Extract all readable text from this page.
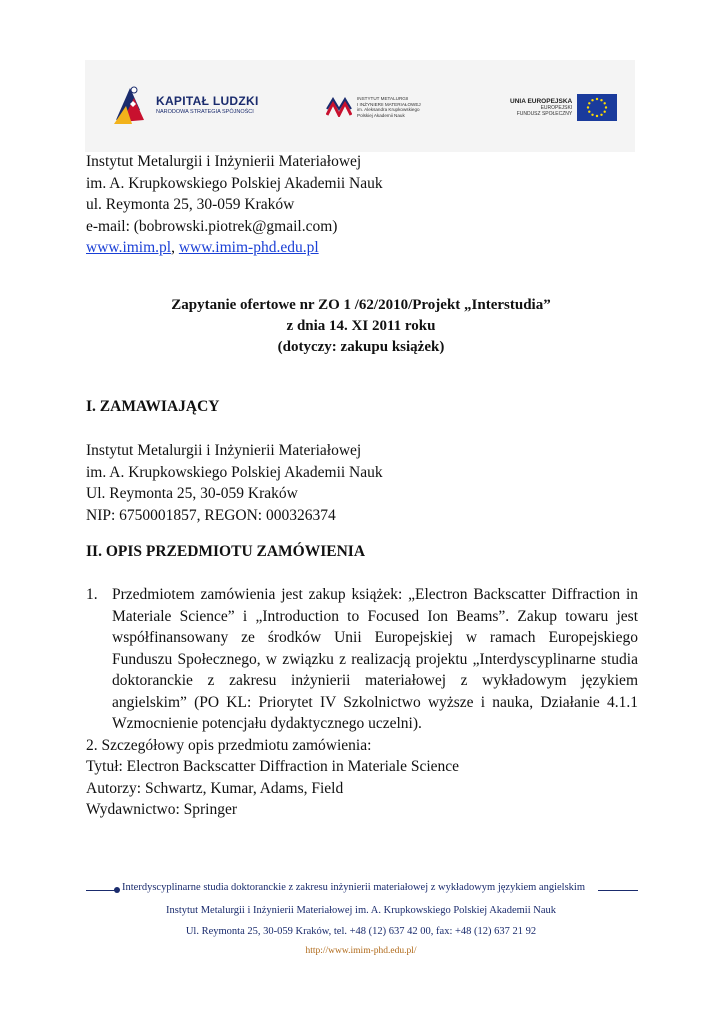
KAPITAŁ LUDZKI
NARODOWA STRATEGIA SPÓJNOŚCI
INSTYTUT METALURGII
I INŻYNIERII MATERIAŁOWEJ
im. Aleksandra Krupkowskiego
Polskiej Akademii Nauk
UNIA EUROPEJSKA
EUROPEJSKI
FUNDUSZ SPOŁECZNY
Instytut Metalurgii i Inżynierii Materiałowej
im. A. Krupkowskiego Polskiej Akademii Nauk
ul. Reymonta 25, 30-059 Kraków
e-mail: (bobrowski.piotrek@gmail.com)
www.imim.pl, www.imim-phd.edu.pl
Zapytanie ofertowe nr ZO 1 /62/2010/Projekt „Interstudia”
z dnia 14. XI 2011 roku
(dotyczy: zakupu książek)
I. ZAMAWIAJĄCY
Instytut Metalurgii i Inżynierii Materiałowej
im. A. Krupkowskiego Polskiej Akademii Nauk
Ul. Reymonta 25, 30-059 Kraków
NIP: 6750001857, REGON: 000326374
II. OPIS PRZEDMIOTU ZAMÓWIENIA
1. Przedmiotem zamówienia jest zakup książek: „Electron Backscatter Diffraction in Materiale Science” i „Introduction to Focused Ion Beams”. Zakup towaru jest współfinansowany ze środków Unii Europejskiej w ramach Europejskiego Funduszu Społecznego, w związku z realizacją projektu „Interdyscyplinarne studia doktoranckie z zakresu inżynierii materiałowej z wykładowym językiem angielskim” (PO KL: Priorytet IV Szkolnictwo wyższe i nauka, Działanie 4.1.1 Wzmocnienie potencjału dydaktycznego uczelni).
2. Szczegółowy opis przedmiotu zamówienia:
Tytuł: Electron Backscatter Diffraction in Materiale Science
Autorzy: Schwartz, Kumar, Adams, Field
Wydawnictwo: Springer
Interdyscyplinarne studia doktoranckie z zakresu inżynierii materiałowej z wykładowym językiem angielskim
Instytut Metalurgii i Inżynierii Materiałowej im. A. Krupkowskiego Polskiej Akademii Nauk
Ul. Reymonta 25, 30-059 Kraków, tel. +48 (12) 637 42 00, fax: +48 (12) 637 21 92
http://www.imim-phd.edu.pl/
